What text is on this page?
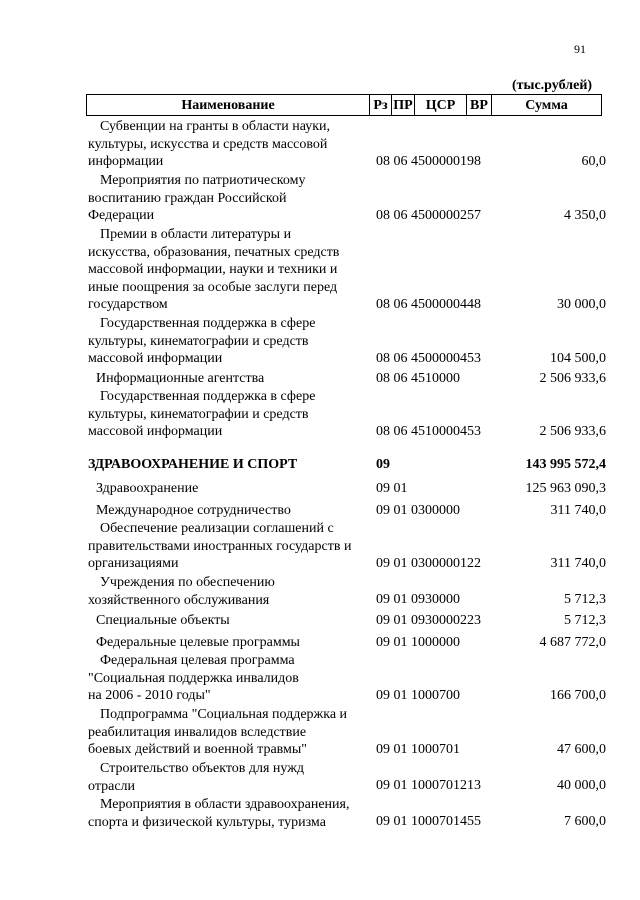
91
(тыс.рублей)
Наименование	Рз ПР ЦСР	ВР	Сумма
Субвенции на гранты в области науки,
культуры, искусства и средств массовой
информации	08 06 4500000198	60,0
Мероприятия по патриотическому
воспитанию граждан Российской
Федерации	08 06 4500000257	4 350,0
Премии в области литературы и
искусства, образования, печатных средств
массовой информации, науки и техники и
иные поощрения за особые заслуги перед
государством	08 06 4500000448	30 000,0
Государственная поддержка в сфере
культуры, кинематографии и средств
массовой информации	08 06 4500000453	104 500,0
Информационные агентства	08 06 4510000	2 506 933,6
Государственная поддержка в сфере
культуры, кинематографии и средств
массовой информации	08 06 4510000453	2 506 933,6
ЗДРАВООХРАНЕНИЕ И СПОРТ	09	143 995 572,4
Здравоохранение	09 01	125 963 090,3
Международное сотрудничество	09 01 0300000	311 740,0
Обеспечение реализации соглашений с
правительствами иностранных государств и
организациями	09 01 0300000122	311 740,0
Учреждения по обеспечению
хозяйственного обслуживания	09 01 0930000	5 712,3
Специальные объекты	09 01 0930000223	5 712,3
Федеральные целевые программы	09 01 1000000	4 687 772,0
Федеральная целевая программа
"Социальная поддержка инвалидов
на 2006 - 2010 годы"	09 01 1000700	166 700,0
Подпрограмма "Социальная поддержка и
реабилитация инвалидов вследствие
боевых действий и военной травмы"	09 01 1000701	47 600,0
Строительство объектов для нужд
отрасли	09 01 1000701213	40 000,0
Мероприятия в области здравоохранения,
спорта и физической культуры, туризма	09 01 1000701455	7 600,0
